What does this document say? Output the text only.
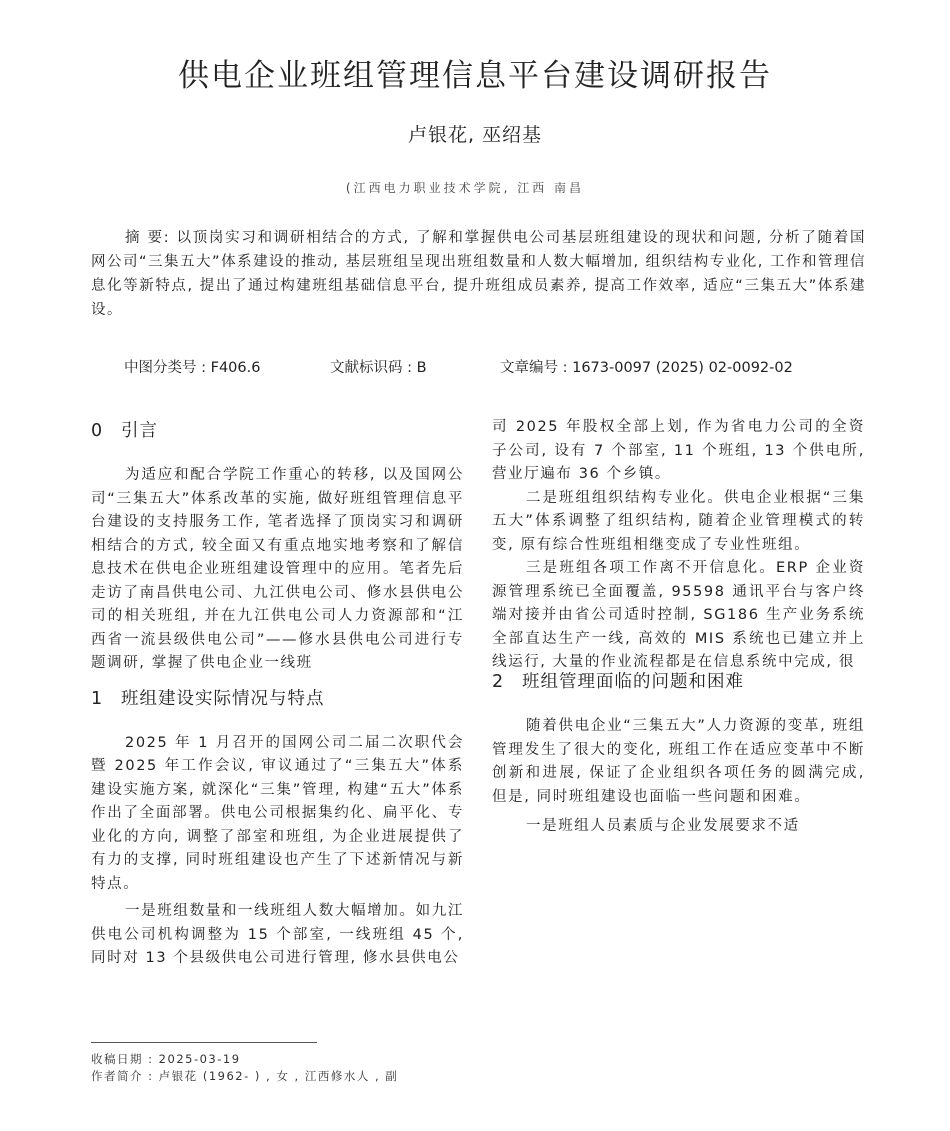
供电企业班组管理信息平台建设调研报告
卢银花, 巫绍基
(江西电力职业技术学院, 江西 南昌
摘 要: 以顶岗实习和调研相结合的方式, 了解和掌握供电公司基层班组建设的现状和问题, 分析了随着国网公司“三集五大”体系建设的推动, 基层班组呈现出班组数量和人数大幅增加, 组织结构专业化, 工作和管理信息化等新特点, 提出了通过构建班组基础信息平台, 提升班组成员素养, 提高工作效率, 适应“三集五大”体系建设。
中图分类号 : F406.6	文献标识码 : B	文章编号 : 1673-0097 (2025) 02-0092-02
0 引言

为适应和配合学院工作重心的转移, 以及国网公司“三集五大”体系改革的实施, 做好班组管理信息平台建设的支持服务工作, 笔者选择了顶岗实习和调研相结合的方式, 较全面又有重点地实地考察和了解信息技术在供电企业班组建设管理中的应用。笔者先后走访了南昌供电公司、九江供电公司、修水县供电公司的相关班组, 并在九江供电公司人力资源部和“江西省一流县级供电公司”——修水县供电公司进行专题调研, 掌握了供电企业一线班

1 班组建设实际情况与特点

2025 年 1 月召开的国网公司二届二次职代会暨 2025 年工作会议, 审议通过了“三集五大”体系建设实施方案, 就深化“三集”管理, 构建“五大”体系作出了全面部署。供电公司根据集约化、扁平化、专业化的方向, 调整了部室和班组, 为企业进展提供了有力的支撑, 同时班组建设也产生了下述新情况与新特点。

一是班组数量和一线班组人数大幅增加。如九江供电公司机构调整为 15 个部室, 一线班组 45 个, 同时对 13 个县级供电公司进行管理, 修水县供电公

司 2025 年股权全部上划, 作为省电力公司的全资子公司, 设有 7 个部室, 11 个班组, 13 个供电所, 营业厅遍布 36 个乡镇。

二是班组组织结构专业化。供电企业根据“三集五大”体系调整了组织结构, 随着企业管理模式的转变, 原有综合性班组相继变成了专业性班组。

三是班组各项工作离不开信息化。ERP 企业资源管理系统已全面覆盖, 95598 通讯平台与客户终端对接并由省公司适时控制, SG186 生产业务系统全部直达生产一线, 高效的 MIS 系统也已建立并上线运行, 大量的作业流程都是在信息系统中完成, 很

2 班组管理面临的问题和困难

随着供电企业“三集五大”人力资源的变革, 班组管理发生了很大的变化, 班组工作在适应变革中不断创新和进展, 保证了企业组织各项任务的圆满完成, 但是, 同时班组建设也面临一些问题和困难。

一是班组人员素质与企业发展要求不适

收稿日期 : 2025-03-19
作者简介 : 卢银花 (1962- ) , 女 , 江西修水人 , 副
